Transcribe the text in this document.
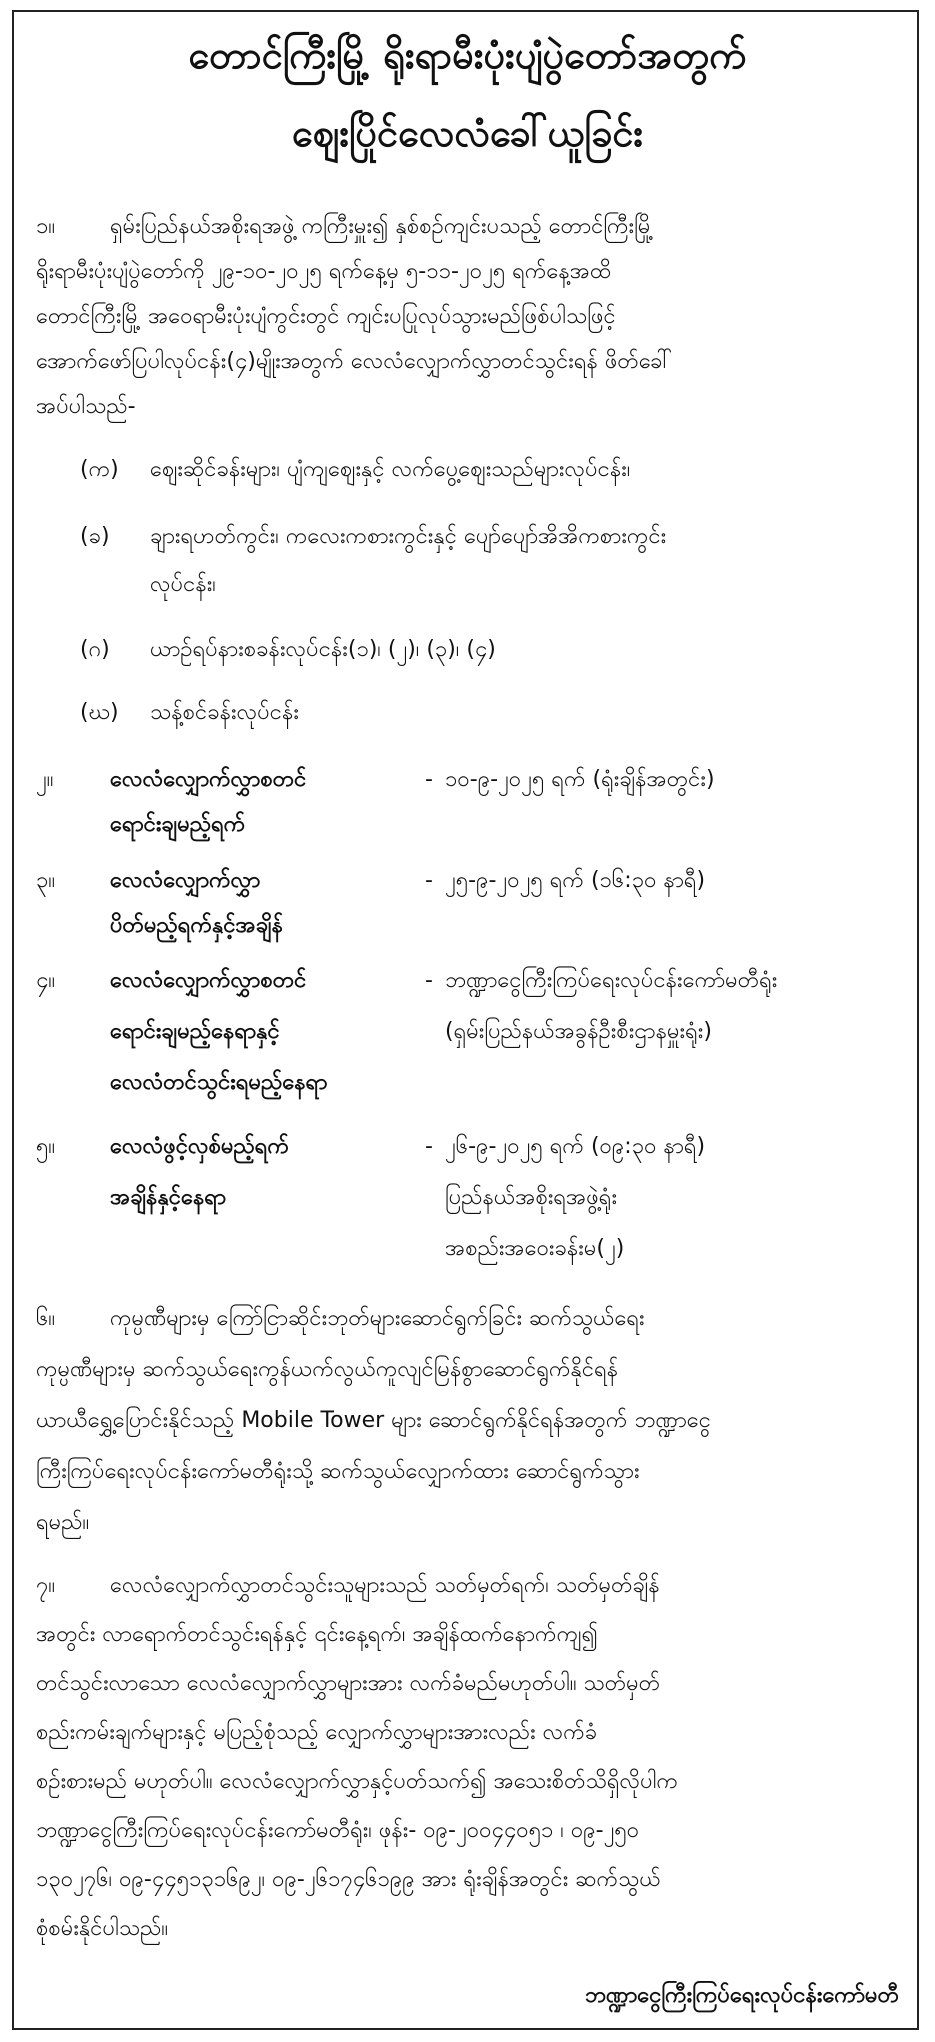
တောင်ကြီးမြို့ ရိုးရာမီးပုံးပျံပွဲတော်အတွက်
ဈေးပြိုင်လေလံခေါ်ယူခြင်း
၁။ ရှမ်းပြည်နယ်အစိုးရအဖွဲ့ ကကြီးမှူး၍ နှစ်စဉ်ကျင်းပသည့် တောင်ကြီးမြို့
ရိုးရာမီးပုံးပျံပွဲတော်ကို ၂၉-၁၀-၂၀၂၅ ရက်နေ့မှ ၅-၁၁-၂၀၂၅ ရက်နေ့အထိ
တောင်ကြီးမြို့ အဝေရာမီးပုံးပျံကွင်းတွင် ကျင်းပပြုလုပ်သွားမည်ဖြစ်ပါသဖြင့်
အောက်ဖော်ပြပါလုပ်ငန်း(၄)မျိုးအတွက် လေလံလျှောက်လွှာတင်သွင်းရန် ဖိတ်ခေါ်
အပ်ပါသည်-
(က) ဈေးဆိုင်ခန်းများ၊ ပျံကျဈေးနှင့် လက်ပွေ့ဈေးသည်များလုပ်ငန်း၊
(ခ) ချားရဟတ်ကွင်း၊ ကလေးကစားကွင်းနှင့် ပျော်ပျော်အိအိကစားကွင်း
လုပ်ငန်း၊
(ဂ) ယာဉ်ရပ်နားစခန်းလုပ်ငန်း(၁)၊ (၂)၊ (၃)၊ (၄)
(ဃ) သန့်စင်ခန်းလုပ်ငန်း
၂။	လေလံလျှောက်လွှာစတင်
ရောင်းချမည့်ရက်
- ၁၀-၉-၂၀၂၅ ရက် (ရုံးချိန်အတွင်း)
၃။ လေလံလျှောက်လွှာ
ပိတ်မည့်ရက်နှင့်အချိန်
- ၂၅-၉-၂၀၂၅ ရက် (၁၆:၃၀ နာရီ)
၄။ လေလံလျှောက်လွှာစတင်
ရောင်းချမည့်နေရာနှင့်
လေလံတင်သွင်းရမည့်နေရာ
- ဘဏ္ဍာငွေကြီးကြပ်ရေးလုပ်ငန်းကော်မတီရုံး
(ရှမ်းပြည်နယ်အခွန်ဦးစီးဌာနမှူးရုံး)
၅။ လေလံဖွင့်လှစ်မည့်ရက်
အချိန်နှင့်နေရာ
- ၂၆-၉-၂၀၂၅ ရက် (၀၉:၃၀ နာရီ)
ပြည်နယ်အစိုးရအဖွဲ့ရုံး
အစည်းအဝေးခန်းမ(၂)
၆။ ကုမ္ပဏီများမှ ကြော်ငြာဆိုင်းဘုတ်များဆောင်ရွက်ခြင်း ဆက်သွယ်ရေး
ကုမ္ပဏီများမှ ဆက်သွယ်ရေးကွန်ယက်လွယ်ကူလျင်မြန်စွာဆောင်ရွက်နိုင်ရန်
ယာယီရွှေ့ပြောင်းနိုင်သည့် Mobile Tower များ ဆောင်ရွက်နိုင်ရန်အတွက် ဘဏ္ဍာငွေ
ကြီးကြပ်ရေးလုပ်ငန်းကော်မတီရုံးသို့ ဆက်သွယ်လျှောက်ထား ဆောင်ရွက်သွား
ရမည်။
၇။ လေလံလျှောက်လွှာတင်သွင်းသူများသည် သတ်မှတ်ရက်၊ သတ်မှတ်ချိန်
အတွင်း လာရောက်တင်သွင်းရန်နှင့် ၎င်းနေ့ရက်၊ အချိန်ထက်နောက်ကျ၍
တင်သွင်းလာသော လေလံလျှောက်လွှာများအား လက်ခံမည်မဟုတ်ပါ။ သတ်မှတ်
စည်းကမ်းချက်များနှင့် မပြည့်စုံသည့် လျှောက်လွှာများအားလည်း လက်ခံ
စဉ်းစားမည် မဟုတ်ပါ။ လေလံလျှောက်လွှာနှင့်ပတ်သက်၍ အသေးစိတ်သိရှိလိုပါက
ဘဏ္ဍာငွေကြီးကြပ်ရေးလုပ်ငန်းကော်မတီရုံး၊ ဖုန်း- ၀၉-၂၀၀၄၄၀၅၁ ၊ ၀၉-၂၅၀
၁၃၀၂၇၆၊ ၀၉-၄၄၅၁၃၁၆၉၂၊ ၀၉-၂၆၁၇၄၆၁၉၉ အား ရုံးချိန်အတွင်း ဆက်သွယ်
စုံစမ်းနိုင်ပါသည်။
ဘဏ္ဍာငွေကြီးကြပ်ရေးလုပ်ငန်းကော်မတီ
